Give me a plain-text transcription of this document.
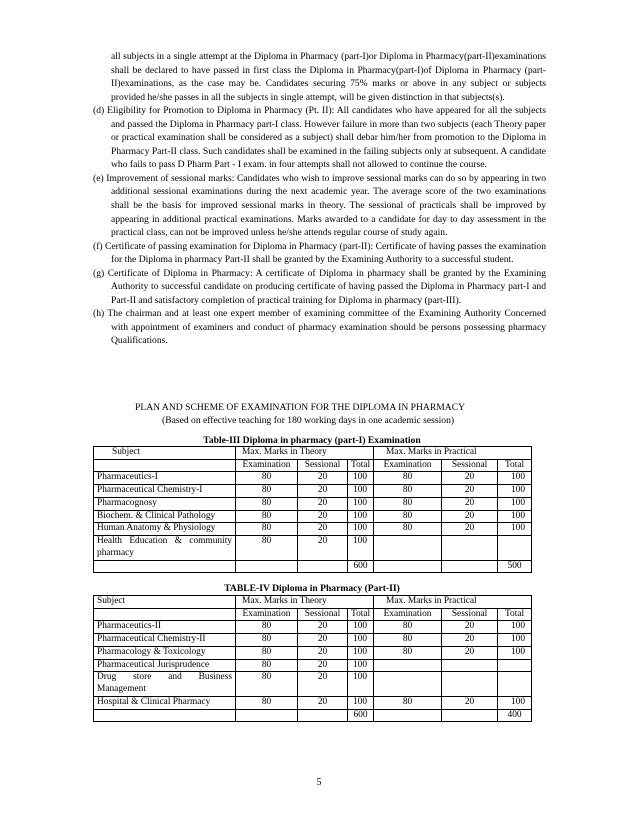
all subjects in a single attempt at the Diploma in Pharmacy (part-I)or Diploma in Pharmacy(part-II)examinations shall be declared to have passed in first class the Diploma in Pharmacy(part-I)of Diploma in Pharmacy (part-II)examinations, as the case may be. Candidates securing 75% marks or above in any subject or subjects provided he/she passes in all the subjects in single attempt, will be given distinction in that subjects(s).

(d) Eligibility for Promotion to Diploma in Pharmacy (Pt. II): All candidates who have appeared for all the subjects and passed the Diploma in Pharmacy part-I class. However failure in more than two subjects (each Theory paper or practical examination shall be considered as a subject) shall debar him/her from promotion to the Diploma in Pharmacy Part-II class. Such candidates shall be examined in the failing subjects only at subsequent. A candidate who fails to pass D Pharm Part - I exam. in four attempts shall not allowed to continue the course.

(e) Improvement of sessional marks: Candidates who wish to improve sessional marks can do so by appearing in two additional sessional examinations during the next academic year. The average score of the two examinations shall be the basis for improved sessional marks in theory. The sessional of practicals shall be improved by appearing in additional practical examinations. Marks awarded to a candidate for day to day assessment in the practical class, can not be improved unless he/she attends regular course of study again.

(f) Certificate of passing examination for Diploma in Pharmacy (part-II): Certificate of having passes the examination for the Diploma in pharmacy Part-II shall be granted by the Examining Authority to a successful student.

(g) Certificate of Diploma in Pharmacy: A certificate of Diploma in pharmacy shall be granted by the Examining Authority to successful candidate on producing certificate of having passed the Diploma in Pharmacy part-I and Part-II and satisfactory completion of practical training for Diploma in pharmacy (part-III).

(h) The chairman and at least one expert member of examining committee of the Examining Authority Concerned with appointment of examiners and conduct of pharmacy examination should be persons possessing pharmacy Qualifications.

PLAN AND SCHEME OF EXAMINATION FOR THE DIPLOMA IN PHARMACY
(Based on effective teaching for 180 working days in one academic session)
Table-III Diploma in pharmacy (part-I) Examination
Subject	Max. Marks in Theory			Max. Marks in Practical		
	Examination	Sessional	Total	Examination	Sessional	Total
Pharmaceutics-I	80	20	100	80	20	100
Pharmaceutical Chemistry-I	80	20	100	80	20	100
Pharmacognosy	80	20	100	80	20	100
Biochem. & Clinical Pathology	80	20	100	80	20	100
Human Anatomy & Physiology	80	20	100	80	20	100
Health Education & community pharmacy	80	20	100			
			600			500
TABLE-IV Diploma in Pharmacy (Part-II)
Subject	Max. Marks in Theory			Max. Marks in Practical		
	Examination	Sessional	Total	Examination	Sessional	Total
Pharmaceutics-II	80	20	100	80	20	100
Pharmaceutical Chemistry-II	80	20	100	80	20	100
Pharmacology & Toxicology	80	20	100	80	20	100
Pharmaceutical Jurisprudence	80	20	100			
Drug store and Business Management	80	20	100			
Hospital & Clinical Pharmacy	80	20	100	80	20	100
			600			400
5
